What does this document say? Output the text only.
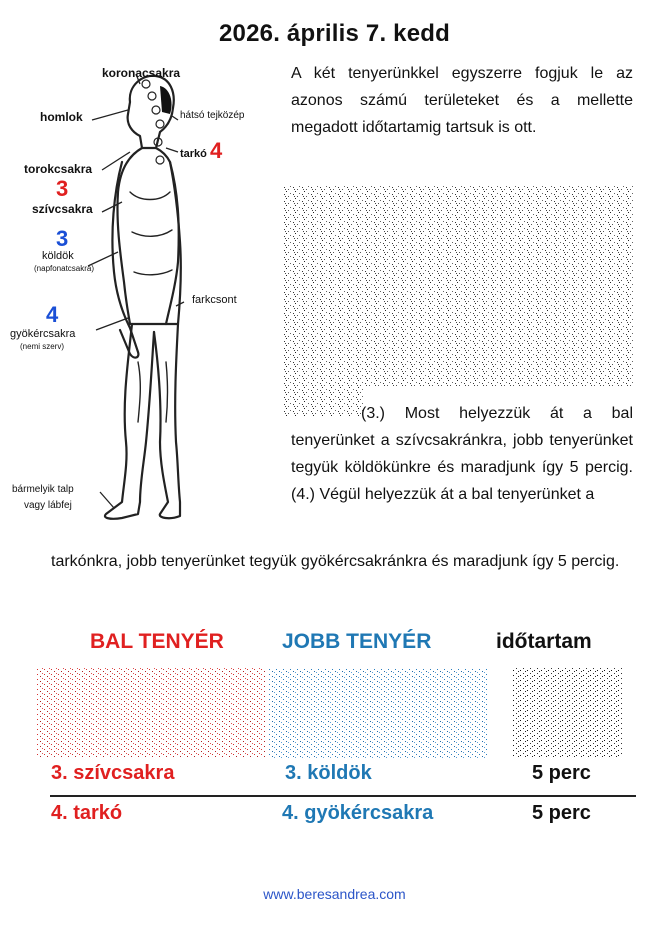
2026. április 7. kedd
koronacsakra
homlok	hátsó tejközép
tarkó 4
torokcsakra
3
szívcsakra
3
köldök
(napfonatcsakra)
4
gyökércsakra
(nemi szerv)
farkcsont
bármelyik talp
vagy lábfej
A két tenyerünkkel egyszerre fogjuk le az azonos számú területeket és a mellette megadott időtartamig tartsuk is ott.
(3.) Most helyezzük át a bal tenyerünket a szívcsakránkra, jobb tenyerünket tegyük köldökünkre és maradjunk így 5 percig. (4.) Végül helyezzük át a bal tenyerünket a
tarkónkra, jobb tenyerünket tegyük gyökércsakránkra és maradjunk így 5 percig.
BAL TENYÉR	JOBB TENYÉR	időtartam
3. szívcsakra	3. köldök	5 perc
4. tarkó	4. gyökércsakra	5 perc
www.beresandrea.com
